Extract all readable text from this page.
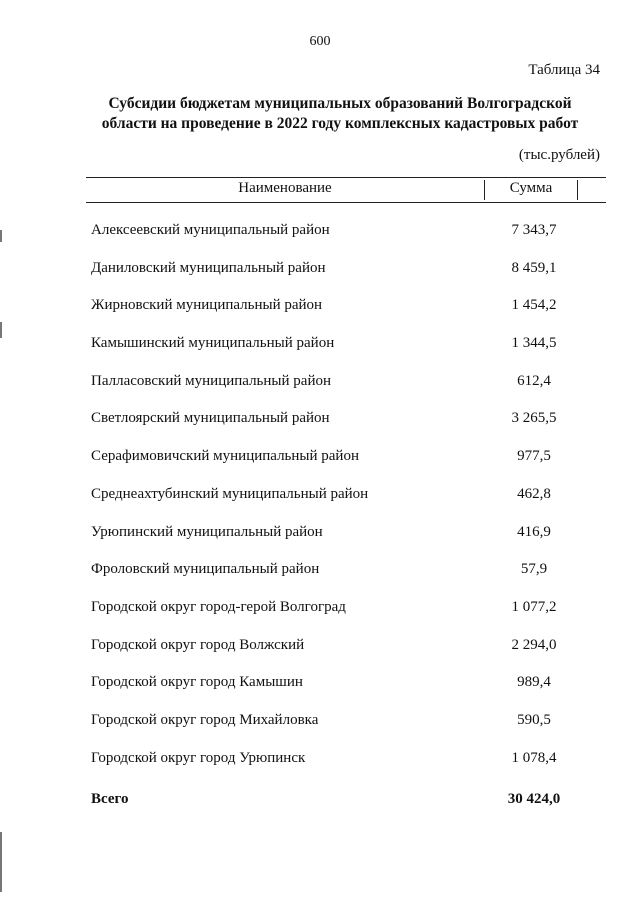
600
Таблица 34
Субсидии бюджетам муниципальных образований Волгоградской
области на проведение в 2022 году комплексных кадастровых работ
(тыс.рублей)
Наименование	Сумма
Алексеевский муниципальный район	7 343,7
Даниловский муниципальный район	8 459,1
Жирновский муниципальный район	1 454,2
Камышинский муниципальный район	1 344,5
Палласовский муниципальный район	612,4
Светлоярский муниципальный район	3 265,5
Серафимовичский муниципальный район	977,5
Среднеахтубинский муниципальный район	462,8
Урюпинский муниципальный район	416,9
Фроловский муниципальный район	57,9
Городской округ город-герой Волгоград	1 077,2
Городской округ город Волжский	2 294,0
Городской округ город Камышин	989,4
Городской округ город Михайловка	590,5
Городской округ город Урюпинск	1 078,4
Всего	30 424,0
